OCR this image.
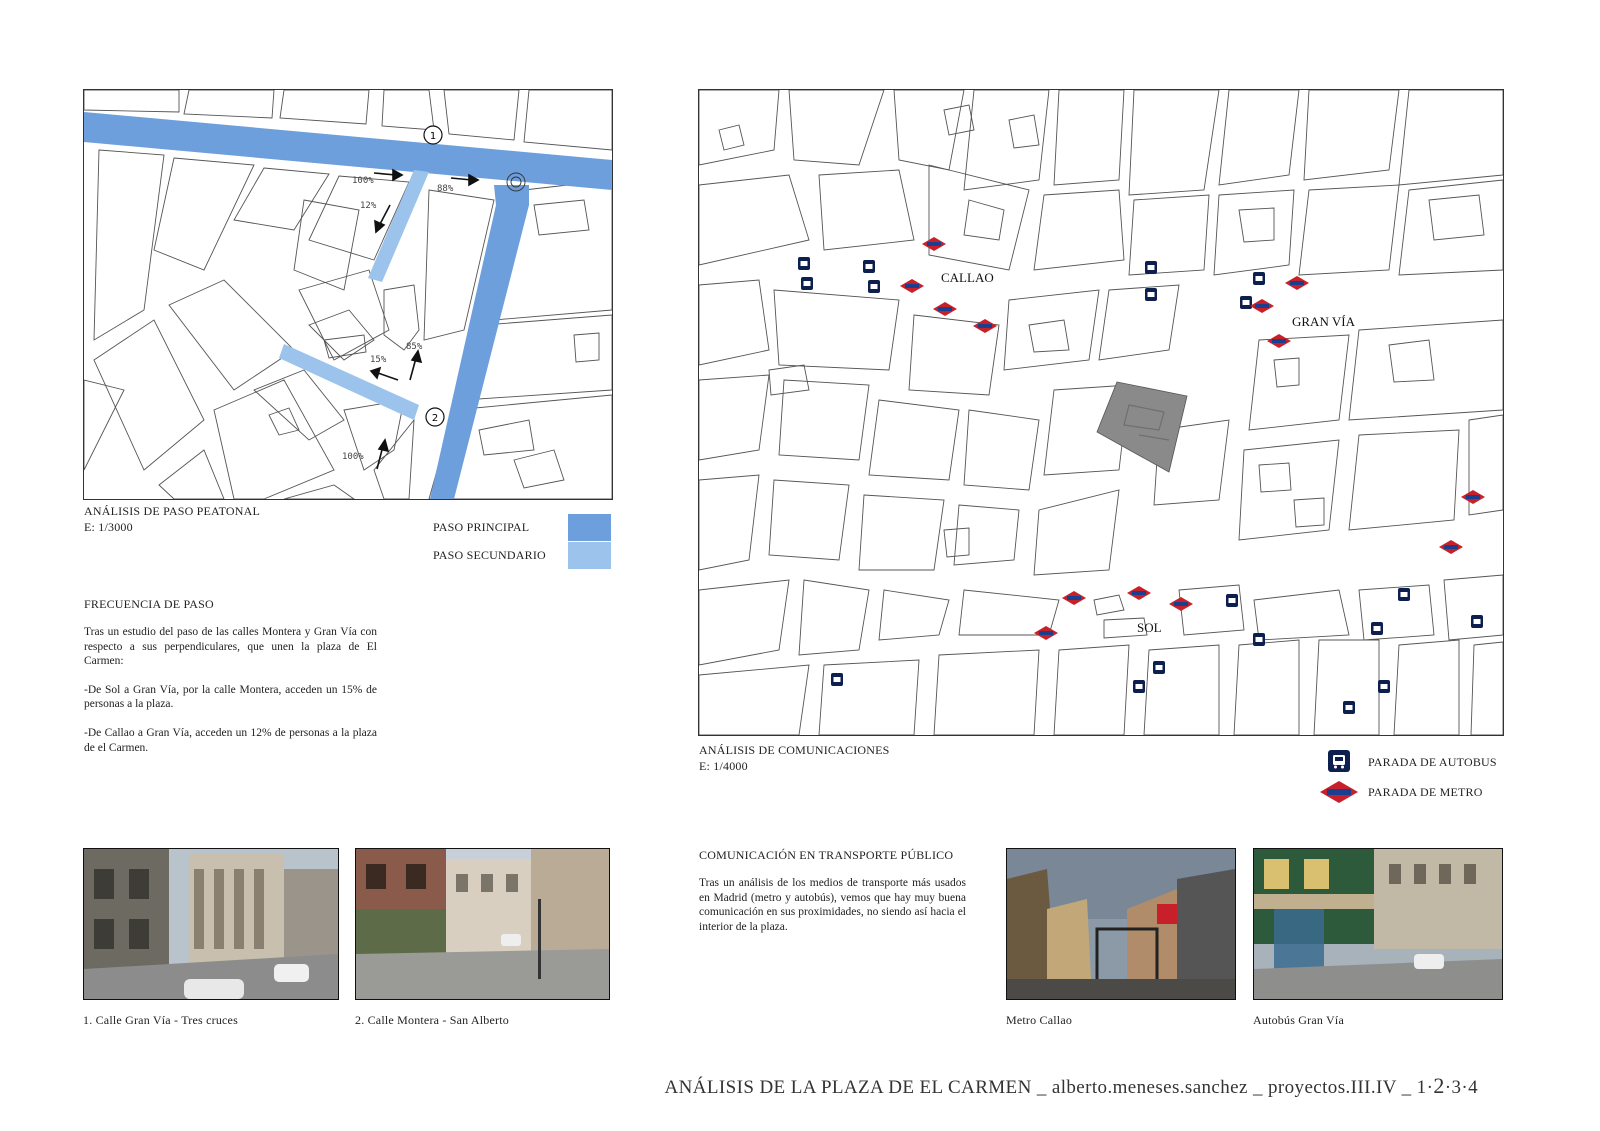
1
2
100%
88%
12%
85%
15%
100%
ANÁLISIS DE PASO PEATONAL
E: 1/3000	PASO PRINCIPAL
PASO SECUNDARIO
FRECUENCIA DE PASO

Tras un estudio del paso de las calles Montera y Gran Vía con respecto a sus perpendiculares, que unen la plaza de El Carmen:

-De Sol a Gran Vía, por la calle Montera, acceden un 15% de personas a la plaza.

-De Callao a Gran Vía, acceden un 12% de personas a la plaza de el Carmen.

CALLAO
GRAN VÍA
SOL
ANÁLISIS DE COMUNICACIONES
E: 1/4000	PARADA DE AUTOBUS
PARADA DE METRO
COMUNICACIÓN EN TRANSPORTE PÚBLICO
Tras un análisis de los medios de transporte más usados en Madrid (metro y autobús), vemos que hay muy buena comunicación en sus proximidades, no siendo así hacia el interior de la plaza.
1. Calle Gran Vía - Tres cruces	2. Calle Montera - San Alberto	Metro Callao	Autobús Gran Vía
ANÁLISIS DE LA PLAZA DE EL CARMEN _ alberto.meneses.sanchez _ proyectos.III.IV _ 1·2·3·4
